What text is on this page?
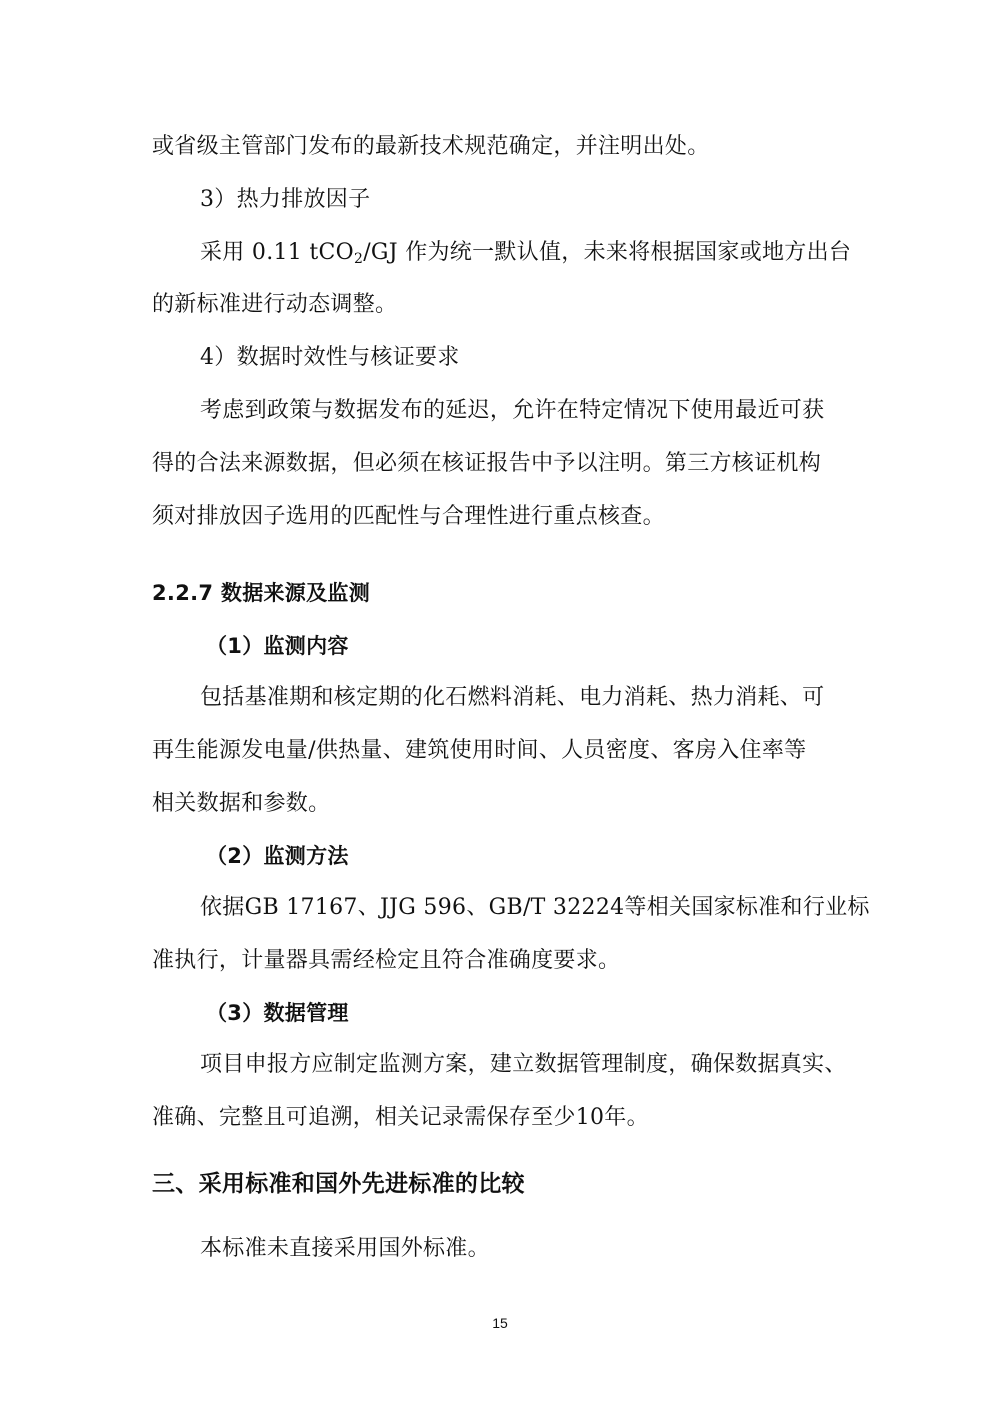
或省级主管部门发布的最新技术规范确定，并注明出处。
3）热力排放因子
采用 0.11 tCO$_2$/GJ 作为统一默认值，未来将根据国家或地方出台
的新标准进行动态调整。
4）数据时效性与核证要求
考虑到政策与数据发布的延迟，允许在特定情况下使用最近可获
得的合法来源数据，但必须在核证报告中予以注明。第三方核证机构
须对排放因子选用的匹配性与合理性进行重点核查。
2.2.7 数据来源及监测
（1）监测内容
包括基准期和核定期的化石燃料消耗、电力消耗、热力消耗、可
再生能源发电量/供热量、建筑使用时间、人员密度、客房入住率等
相关数据和参数。
（2）监测方法
依据GB 17167、JJG 596、GB/T 32224等相关国家标准和行业标
准执行，计量器具需经检定且符合准确度要求。
（3）数据管理
项目申报方应制定监测方案，建立数据管理制度，确保数据真实、
准确、完整且可追溯，相关记录需保存至少10年。
三、采用标准和国外先进标准的比较
本标准未直接采用国外标准。
15
